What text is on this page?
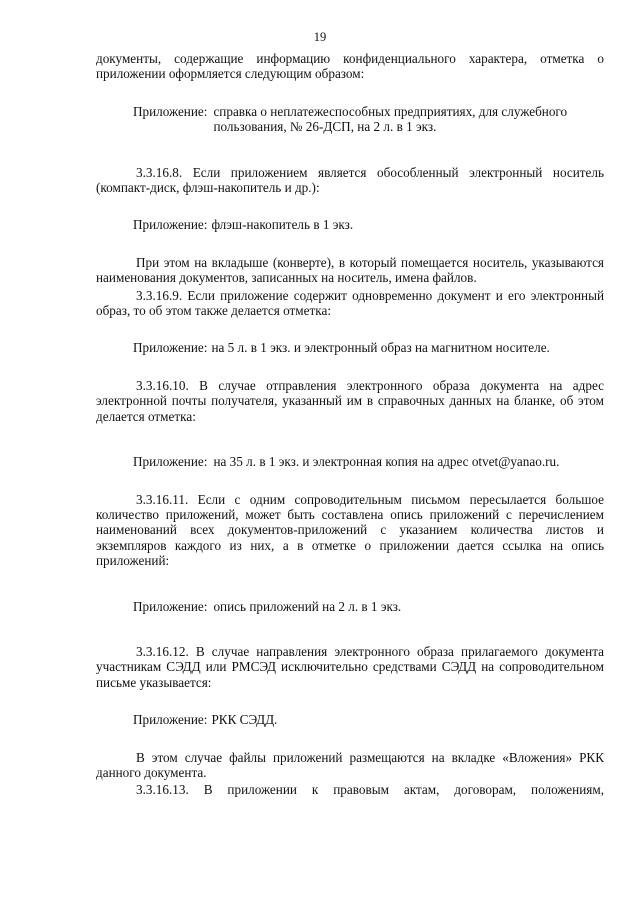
19

документы, содержащие информацию конфиденциального характера, отметка о приложении оформляется следующим образом:

Приложение: справка о неплатежеспособных предприятиях, для служебного пользования, № 26-ДСП, на 2 л. в 1 экз.

3.3.16.8. Если приложением является обособленный электронный носитель (компакт-диск, флэш-накопитель и др.):

Приложение: флэш-накопитель в 1 экз.

При этом на вкладыше (конверте), в который помещается носитель, указываются наименования документов, записанных на носитель, имена файлов.

3.3.16.9. Если приложение содержит одновременно документ и его электронный образ, то об этом также делается отметка:

Приложение: на 5 л. в 1 экз. и электронный образ на магнитном носителе.

3.3.16.10. В случае отправления электронного образа документа на адрес электронной почты получателя, указанный им в справочных данных на бланке, об этом делается отметка:

Приложение: на 35 л. в 1 экз. и электронная копия на адрес otvet@yanao.ru.

3.3.16.11. Если с одним сопроводительным письмом пересылается большое количество приложений, может быть составлена опись приложений с перечислением наименований всех документов-приложений с указанием количества листов и экземпляров каждого из них, а в отметке о приложении дается ссылка на опись приложений:

Приложение: опись приложений на 2 л. в 1 экз.

3.3.16.12. В случае направления электронного образа прилагаемого документа участникам СЭДД или РМСЭД исключительно средствами СЭДД на сопроводительном письме указывается:

Приложение: РКК СЭДД.

В этом случае файлы приложений размещаются на вкладке «Вложения» РКК данного документа.

3.3.16.13. В приложении к правовым актам, договорам, положениям,
